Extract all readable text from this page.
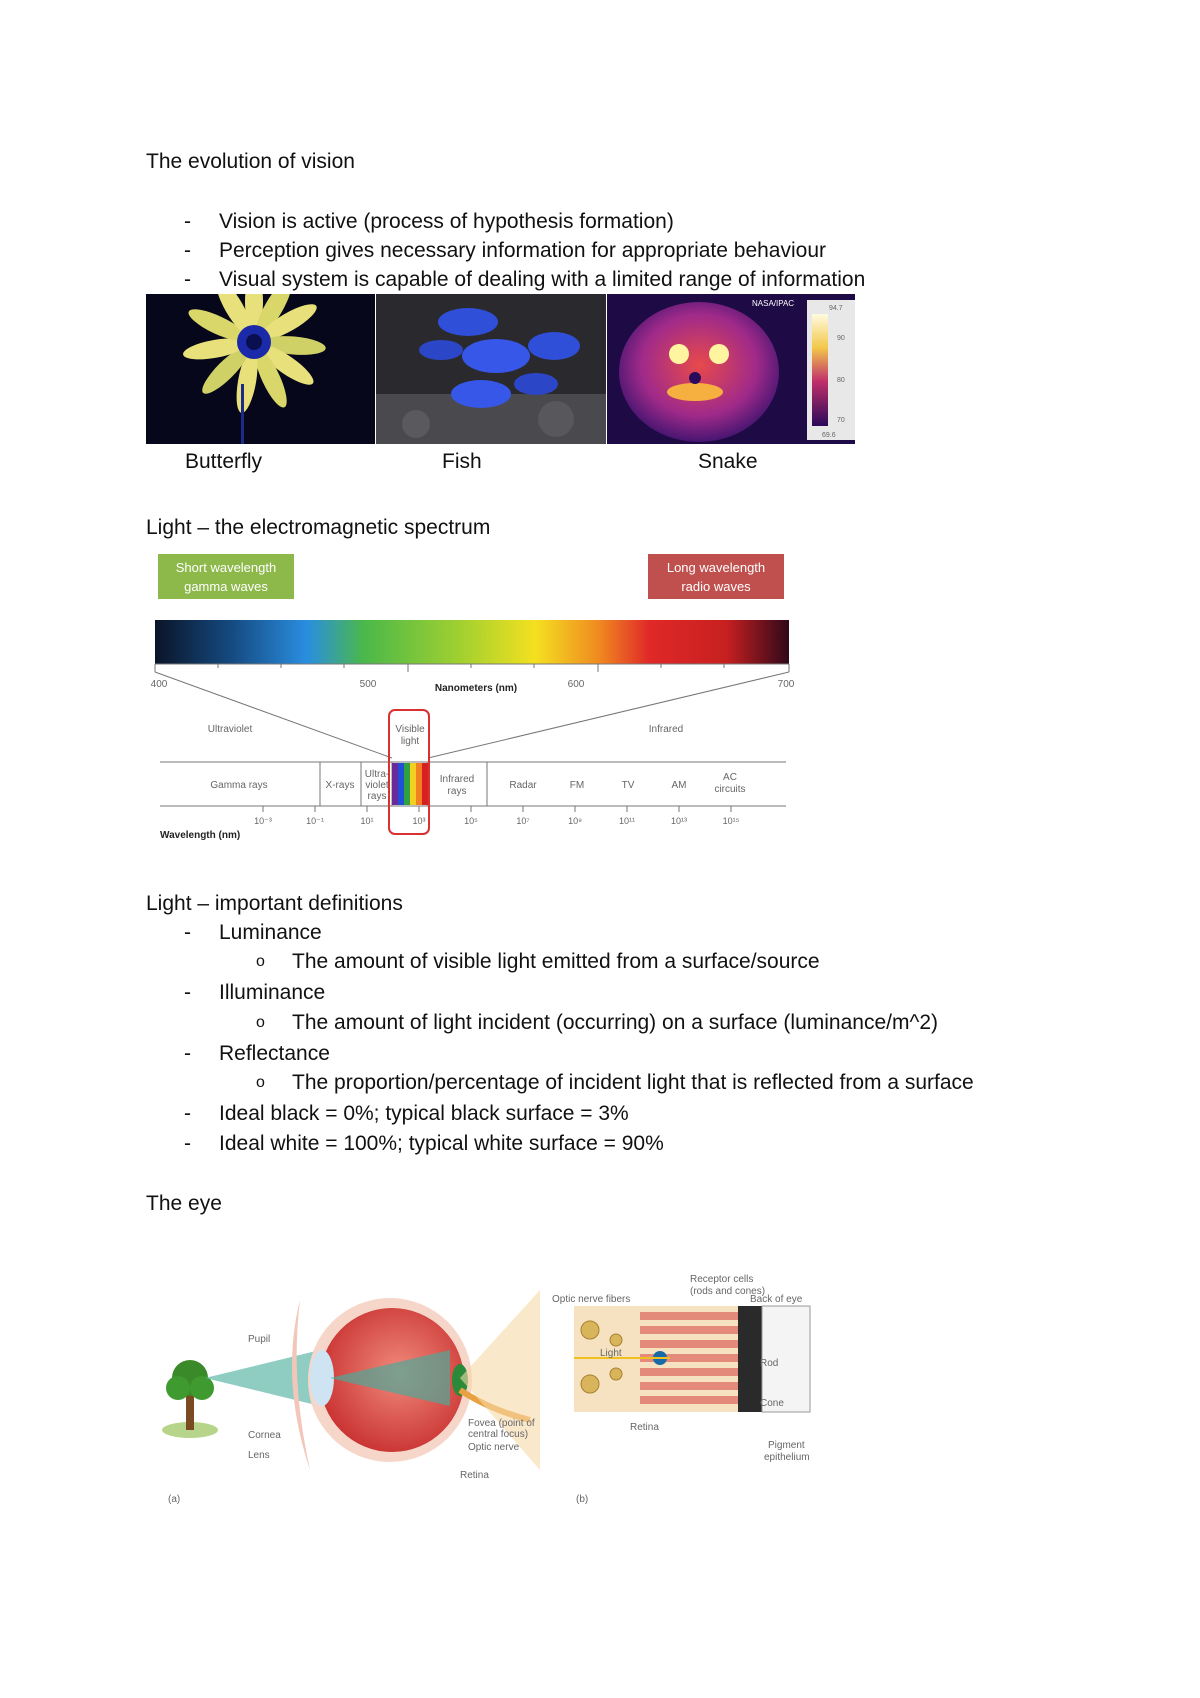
The evolution of vision
- Vision is active (process of hypothesis formation)
- Perception gives necessary information for appropriate behaviour
- Visual system is capable of dealing with a limited range of information
NASA/IPAC
94.7
90
80
70
69.6
Butterfly	Fish	Snake
Light – the electromagnetic spectrum
Short wavelength
gamma waves
Long wavelength
radio waves
400	500	600	700
Nanometers (nm)
Ultraviolet	Infrared
Visible
light
Gamma rays	X-rays
Ultra-
violet
rays
Infrared
rays
Radar	FM	TV	AM
AC
circuits
10⁻³	10⁻¹	10¹	10³	10⁵	10⁷	10⁹	10¹¹	10¹³	10¹⁵
Wavelength (nm)
Light – important definitions
- Luminance
o The amount of visible light emitted from a surface/source
- Illuminance
o The amount of light incident (occurring) on a surface (luminance/m^2)
- Reflectance
o The proportion/percentage of incident light that is reflected from a surface
- Ideal black = 0%; typical black surface = 3%
- Ideal white = 100%; typical white surface = 90%
The eye
Pupil
Cornea
Lens
Fovea (point of
central focus)
Optic nerve
Retina
(a)
Receptor cells
(rods and cones)
Optic nerve fibers	Back of eye
Light
Rod
Cone
Retina
Pigment
epithelium
(b)
